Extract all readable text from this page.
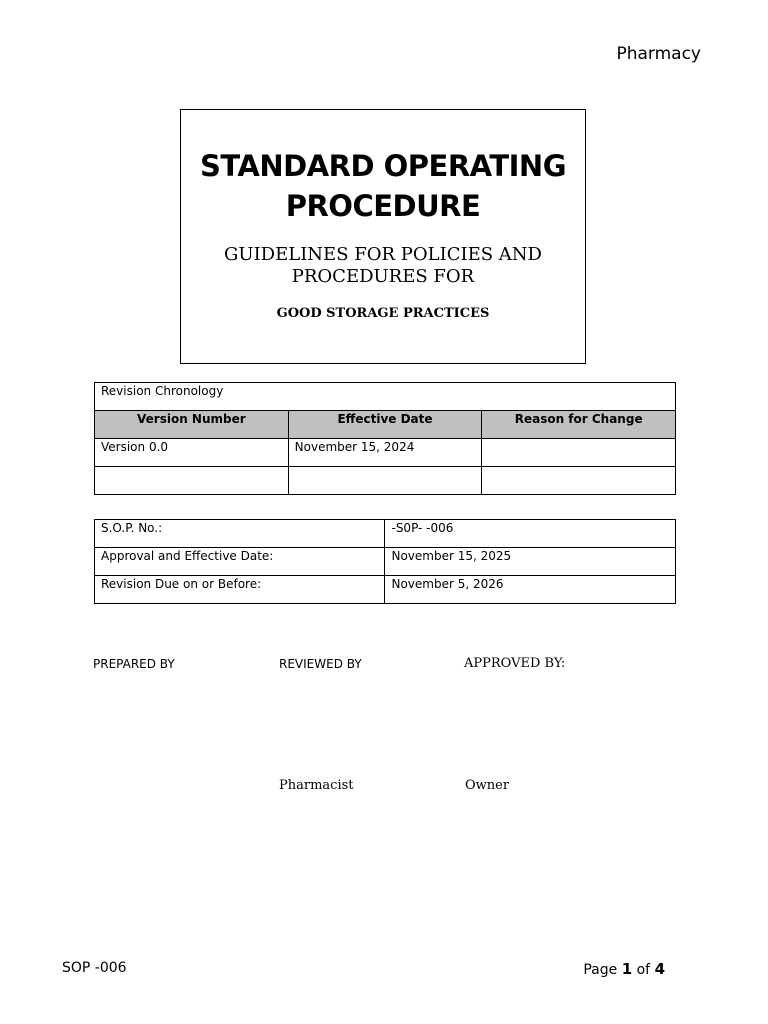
Pharmacy
STANDARD OPERATING
PROCEDURE
GUIDELINES FOR POLICIES AND
PROCEDURES FOR
GOOD STORAGE PRACTICES
Revision Chronology		
Version Number	Effective Date	Reason for Change
Version 0.0	November 15, 2024	

S.O.P. No.:	-S0P- -006
Approval and Effective Date:	November 15, 2025
Revision Due on or Before:	November 5, 2026
PREPARED BY	REVIEWED BY	APPROVED BY:
Pharmacist	Owner
SOP -006	Page 1 of 4
